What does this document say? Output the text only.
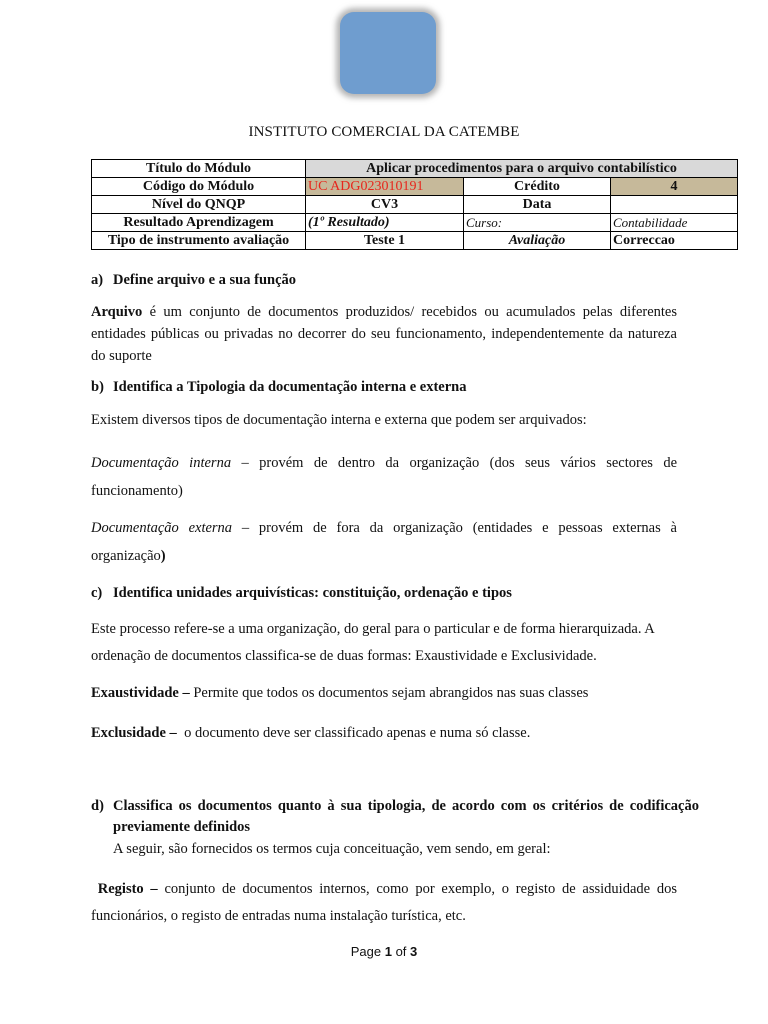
INSTITUTO COMERCIAL DA CATEMBE
Título do Módulo	Aplicar procedimentos para o arquivo contabilístico		
Código do Módulo	UC ADG023010191	Crédito	4
Nível do QNQP	CV3	Data	
Resultado Aprendizagem	(1º Resultado)	Curso:	Contabilidade
Tipo de instrumento avaliação	Teste 1	Avaliação	Correccao
a) Define arquivo e a sua função
Arquivo é um conjunto de documentos produzidos/ recebidos ou acumulados pelas diferentes entidades públicas ou privadas no decorrer do seu funcionamento, independentemente da natureza do suporte
b) Identifica a Tipologia da documentação interna e externa
Existem diversos tipos de documentação interna e externa que podem ser arquivados:
Documentação interna – provém de dentro da organização (dos seus vários sectores de funcionamento)
Documentação externa – provém de fora da organização (entidades e pessoas externas à organização)
c) Identifica unidades arquivísticas: constituição, ordenação e tipos
Este processo refere-se a uma organização, do geral para o particular e de forma hierarquizada. A ordenação de documentos classifica-se de duas formas: Exaustividade e Exclusividade.
Exaustividade – Permite que todos os documentos sejam abrangidos nas suas classes
Exclusidade –  o documento deve ser classificado apenas e numa só classe.
d) Classifica os documentos quanto à sua tipologia, de acordo com os critérios de codificação previamente definidos
A seguir, são fornecidos os termos cuja conceituação, vem sendo, em geral:
Registo – conjunto de documentos internos, como por exemplo, o registo de assiduidade dos funcionários, o registo de entradas numa instalação turística, etc.
Page 1 of 3
